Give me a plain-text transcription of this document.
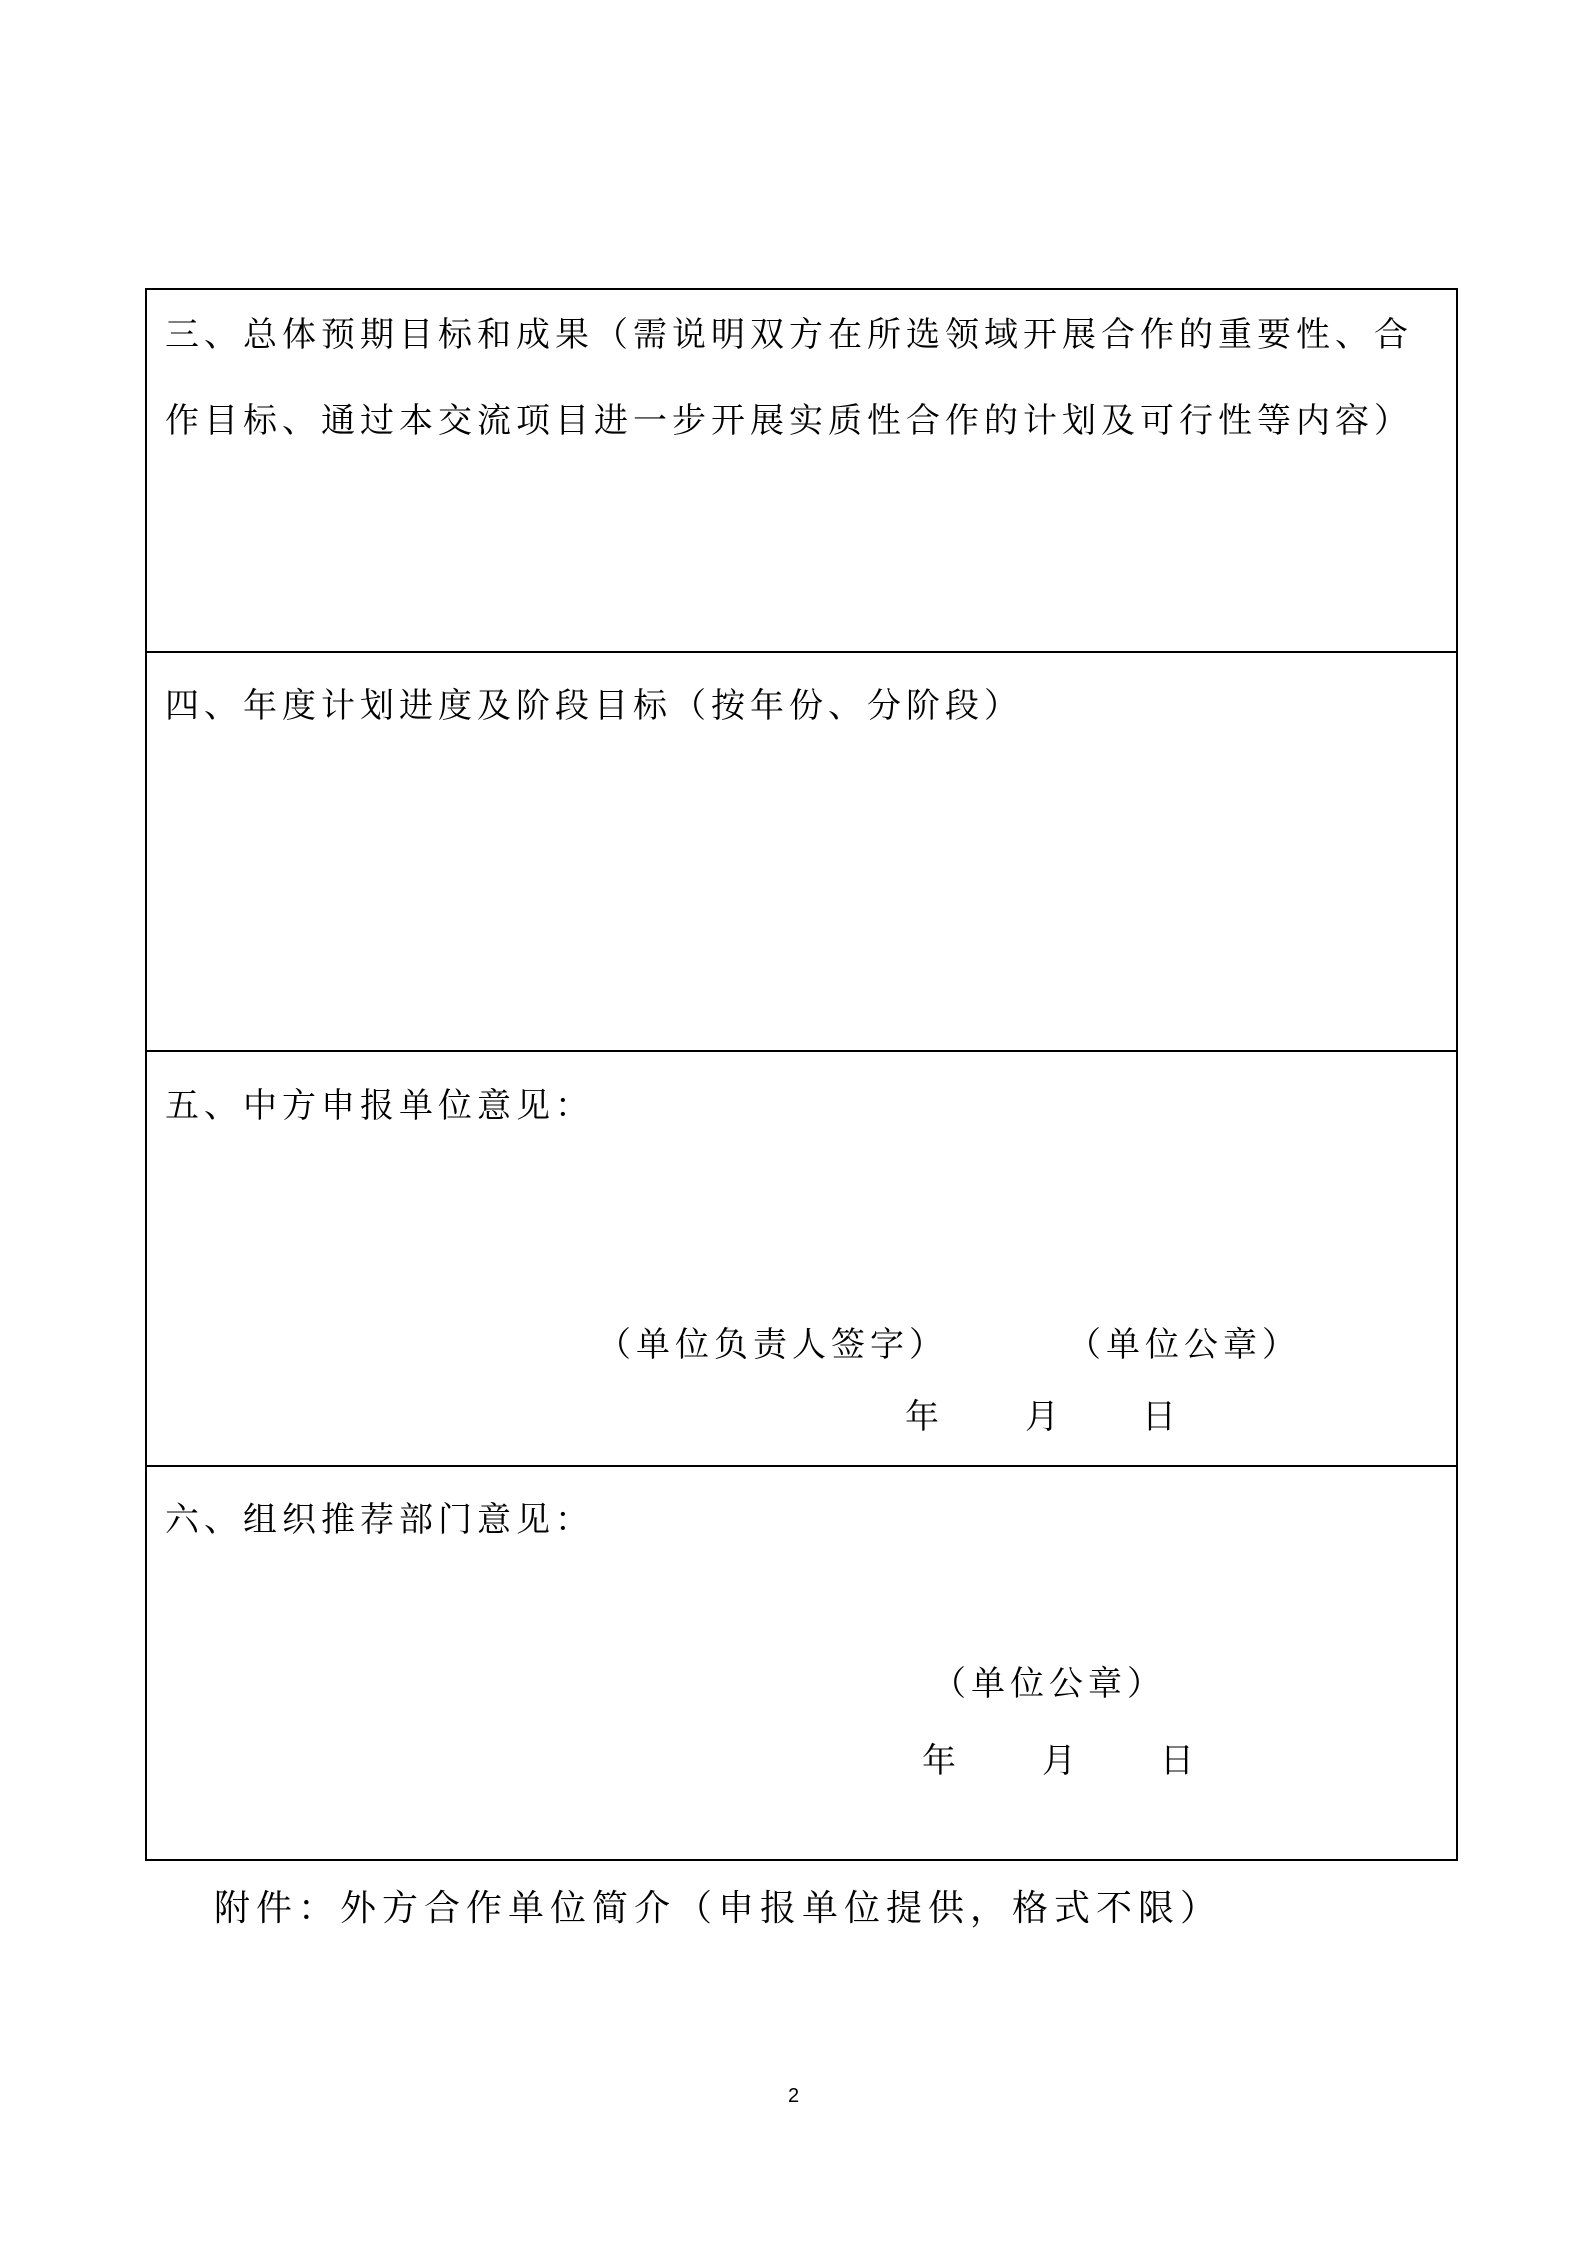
三、总体预期目标和成果（需说明双方在所选领域开展合作的重要性、合作目标、通过本交流项目进一步开展实质性合作的计划及可行性等内容）
四、年度计划进度及阶段目标（按年份、分阶段）
五、中方申报单位意见：
（单位负责人签字）	（单位公章）
年	月 日
六、组织推荐部门意见：
（单位公章）
年	月 日
附件：外方合作单位简介（申报单位提供，格式不限）
2
